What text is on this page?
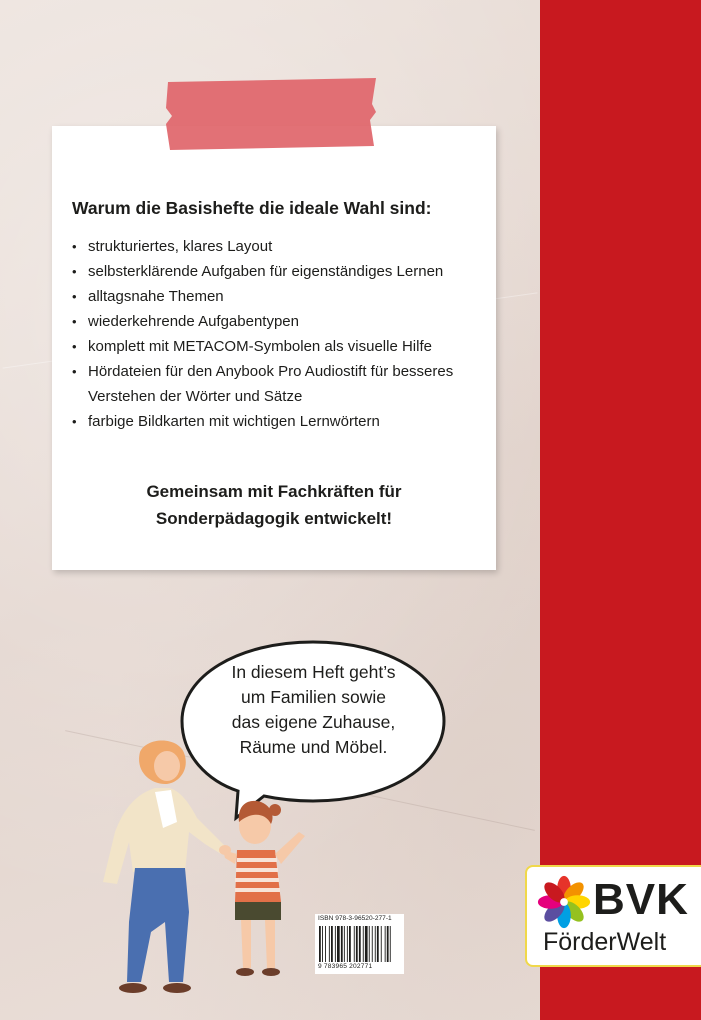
Warum die Basishefte die ideale Wahl sind:
• strukturiertes, klares Layout
• selbsterklärende Aufgaben für eigenständiges Lernen
• alltagsnahe Themen
• wiederkehrende Aufgabentypen
• komplett mit METACOM-Symbolen als visuelle Hilfe
• Hördateien für den Anybook Pro Audiostift für besseres Verstehen der Wörter und Sätze
• farbige Bildkarten mit wichtigen Lernwörtern
Gemeinsam mit Fachkräften für
Sonderpädagogik entwickelt!
In diesem Heft geht’s
um Familien sowie
das eigene Zuhause,
Räume und Möbel.
ISBN 978-3-96520-277-1
9 783965 202771
BVK
FörderWelt
